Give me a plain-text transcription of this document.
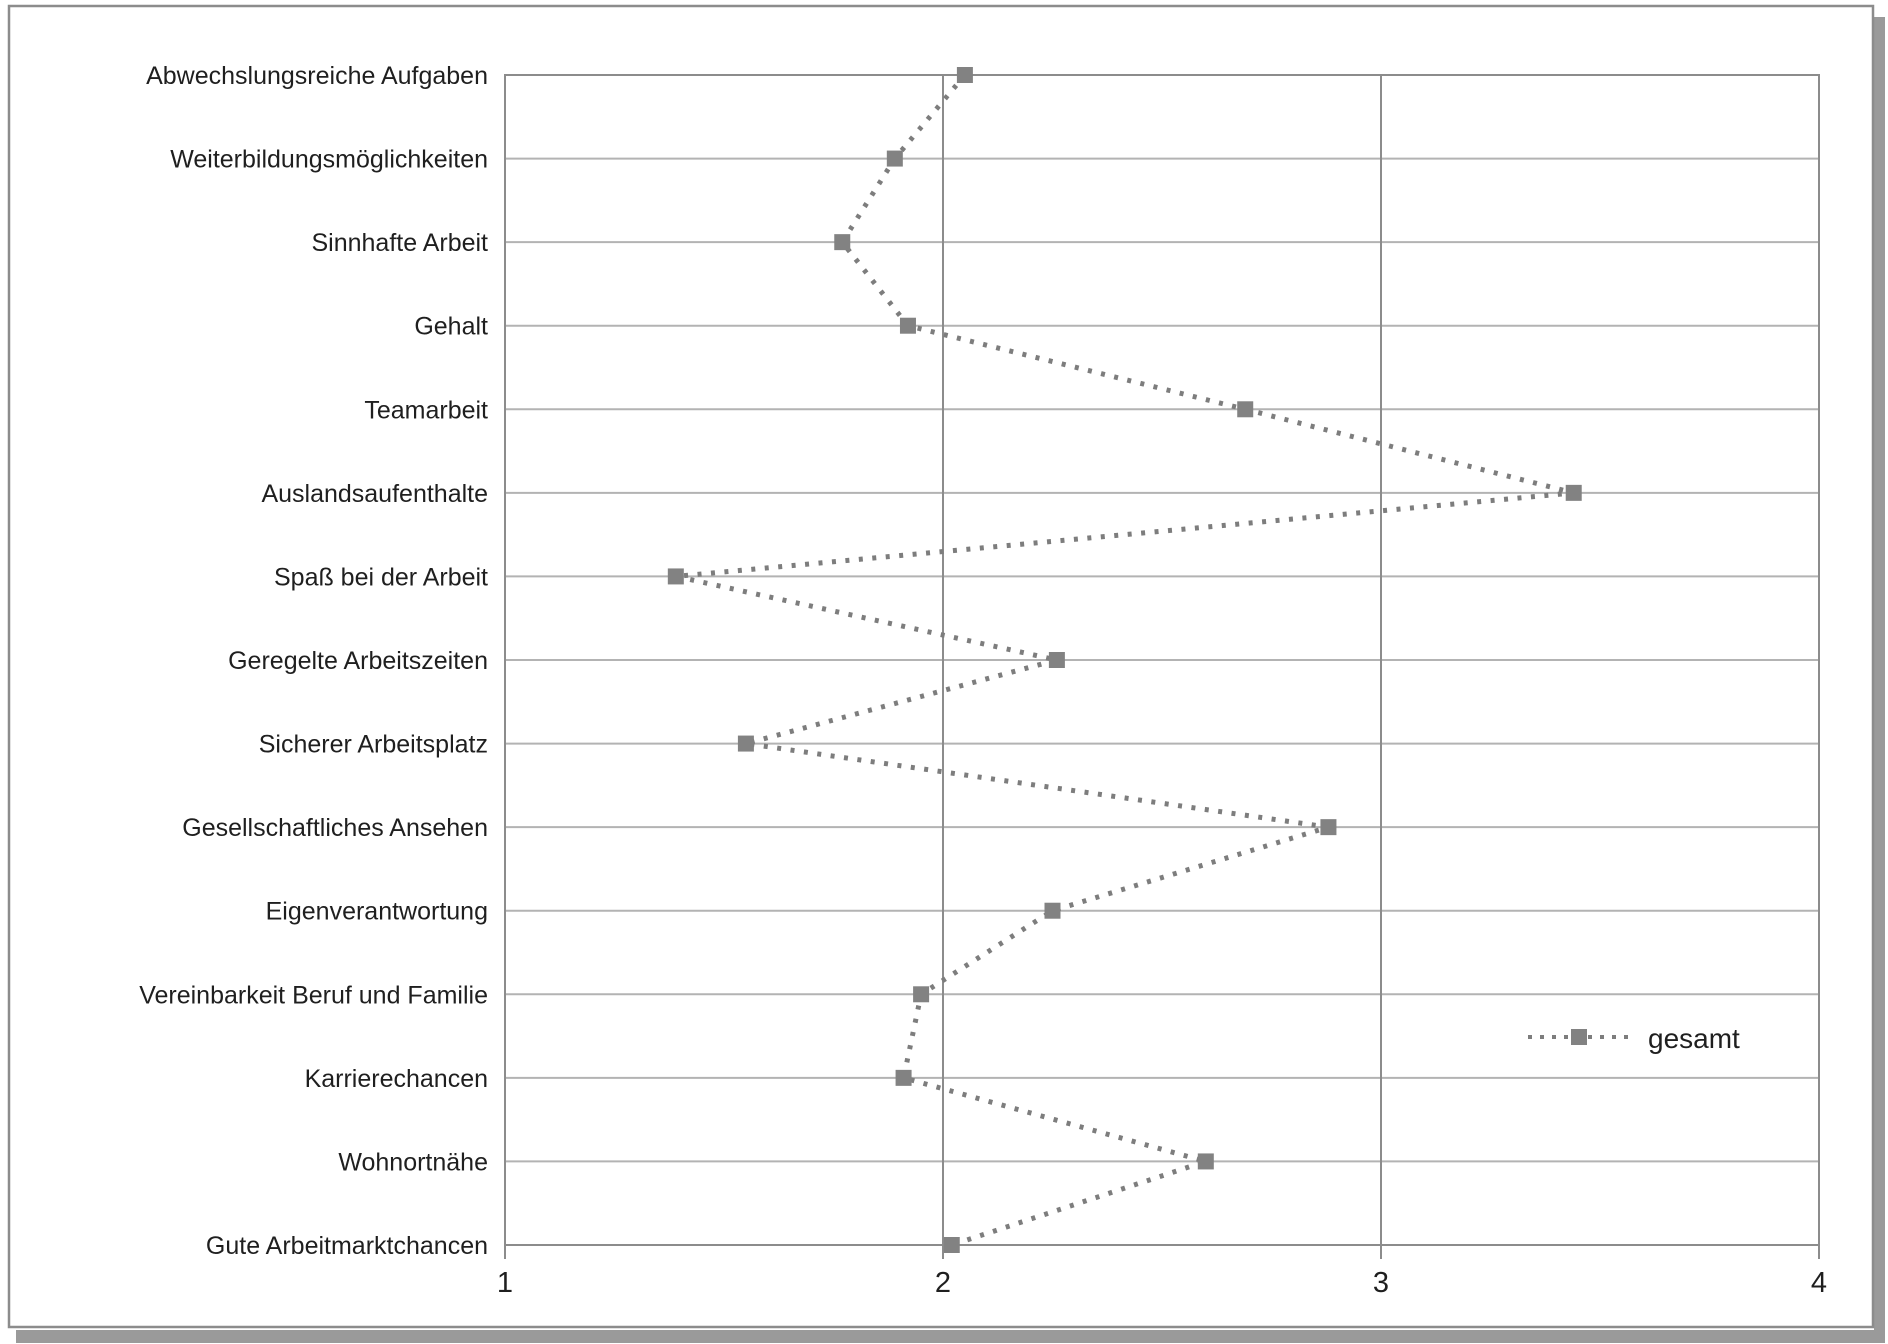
1	2	3	4
Abwechslungsreiche Aufgaben
Weiterbildungsmöglichkeiten
Sinnhafte Arbeit
Gehalt
Teamarbeit
Auslandsaufenthalte
Spaß bei der Arbeit
Geregelte Arbeitszeiten
Sicherer Arbeitsplatz
Gesellschaftliches Ansehen
Eigenverantwortung
Vereinbarkeit Beruf und Familie
Karrierechancen
Wohnortnähe
Gute Arbeitmarktchancen
gesamt
